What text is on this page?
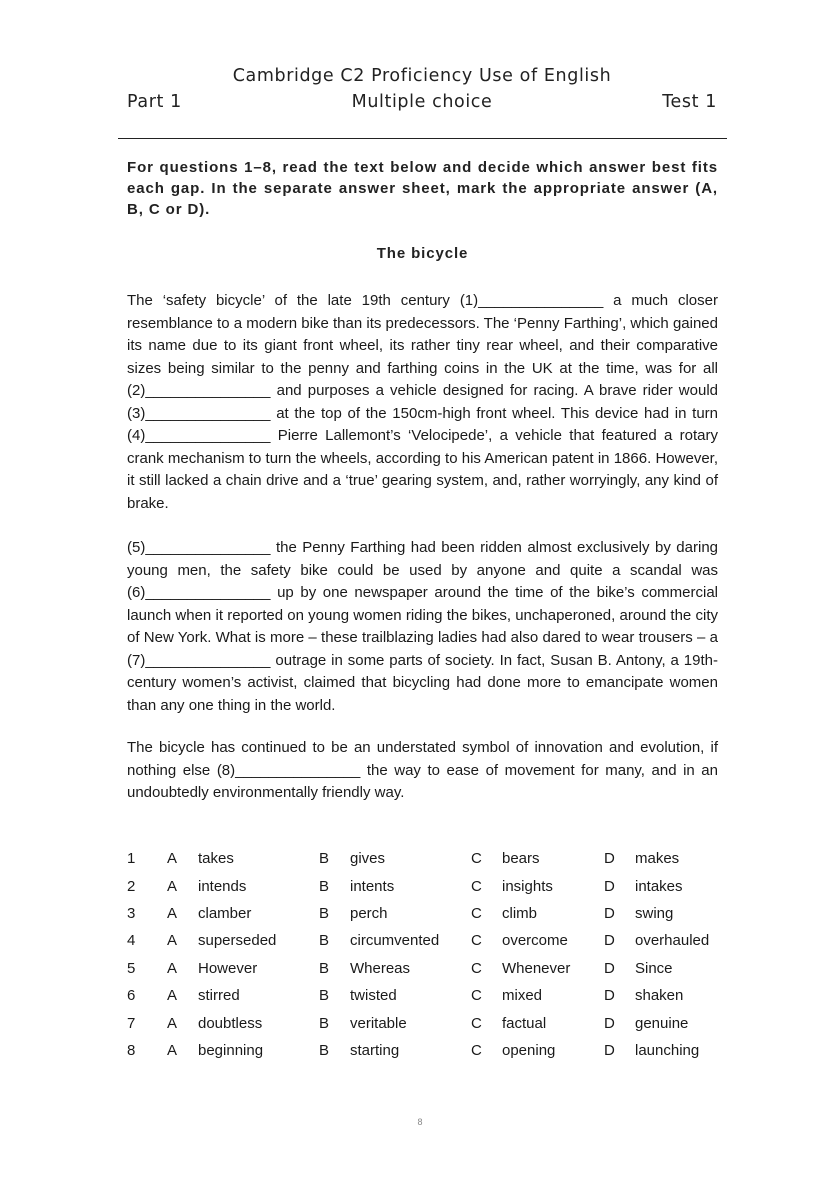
Cambridge C2 Proficiency Use of English
Multiple choice
Part 1	Test 1
For questions 1–8, read the text below and decide which answer best fits each gap. In the separate answer sheet, mark the appropriate answer (A, B, C or D).
The bicycle
The ‘safety bicycle’ of the late 19th century (1)_______________ a much closer resemblance to a modern bike than its predecessors. The ‘Penny Farthing’, which gained its name due to its giant front wheel, its rather tiny rear wheel, and their comparative sizes being similar to the penny and farthing coins in the UK at the time, was for all (2)_______________ and purposes a vehicle designed for racing. A brave rider would (3)_______________ at the top of the 150cm-high front wheel. This device had in turn (4)_______________ Pierre Lallemont’s ‘Velocipede’, a vehicle that featured a rotary crank mechanism to turn the wheels, according to his American patent in 1866. However, it still lacked a chain drive and a ‘true’ gearing system, and, rather worryingly, any kind of brake.
(5)_______________ the Penny Farthing had been ridden almost exclusively by daring young men, the safety bike could be used by anyone and quite a scandal was (6)_______________ up by one newspaper around the time of the bike’s commercial launch when it reported on young women riding the bikes, unchaperoned, around the city of New York. What is more – these trailblazing ladies had also dared to wear trousers – a (7)_______________ outrage in some parts of society. In fact, Susan B. Antony, a 19th-century women’s activist, claimed that bicycling had done more to emancipate women than any one thing in the world.
The bicycle has continued to be an understated symbol of innovation and evolution, if nothing else (8)_______________ the way to ease of movement for many, and in an undoubtedly environmentally friendly way.
1	A	takes	B	gives	C	bears	D	makes
2	A	intends	B	intents	C	insights	D	intakes
3	A	clamber	B	perch	C	climb	D	swing
4	A	superseded	B	circumvented	C	overcome	D	overhauled
5	A	However	B	Whereas	C	Whenever	D	Since
6	A	stirred	B	twisted	C	mixed	D	shaken
7	A	doubtless	B	veritable	C	factual	D	genuine
8	A	beginning	B	starting	C	opening	D	launching
8
